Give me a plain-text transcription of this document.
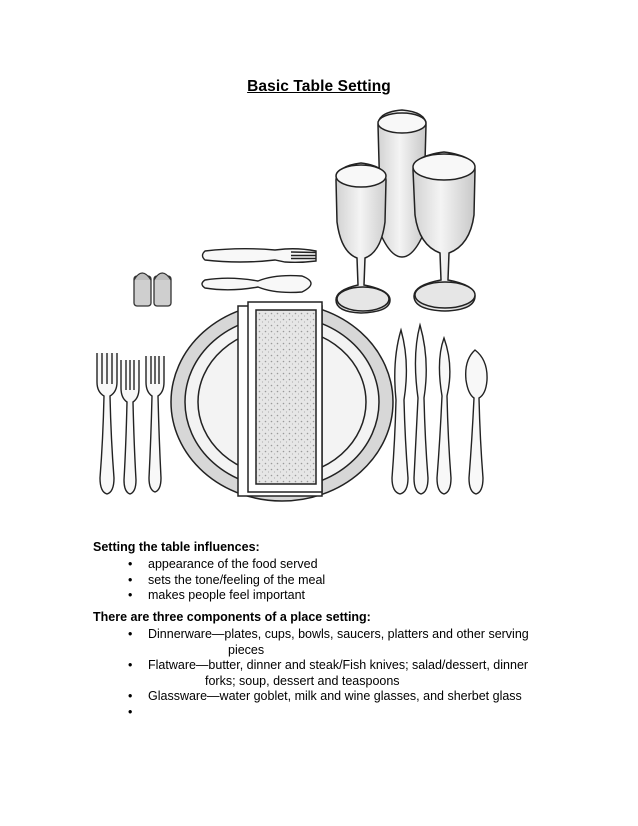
Basic Table Setting
Setting the table influences:
• appearance of the food served
• sets the tone/feeling of the meal
• makes people feel important
There are three components of a place setting:
• Dinnerware—plates, cups, bowls, saucers, platters and other serving
pieces
• Flatware—butter, dinner and steak/Fish knives; salad/dessert, dinner
forks; soup, dessert and teaspoons
• Glassware—water goblet, milk and wine glasses, and sherbet glass
•
